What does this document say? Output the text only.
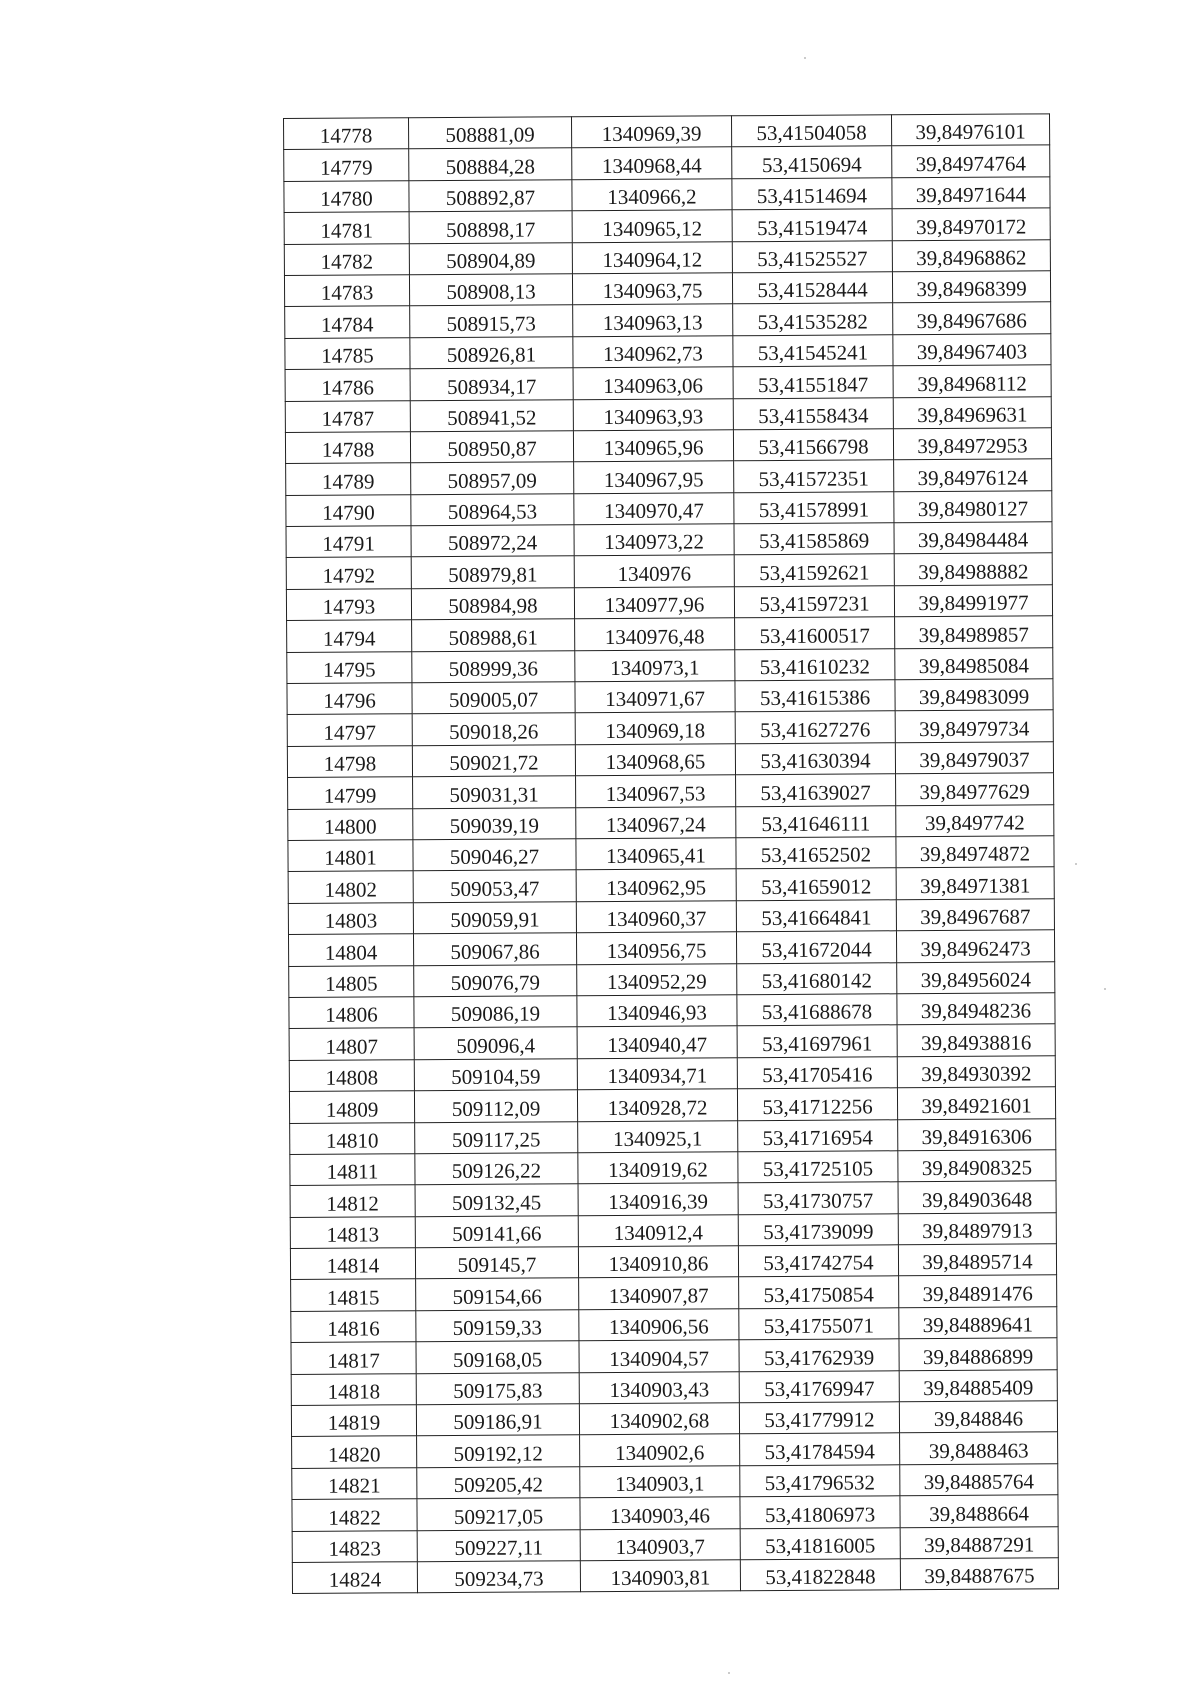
14778	508881,09	1340969,39	53,41504058	39,84976101
14779	508884,28	1340968,44	53,4150694	39,84974764
14780	508892,87	1340966,2	53,41514694	39,84971644
14781	508898,17	1340965,12	53,41519474	39,84970172
14782	508904,89	1340964,12	53,41525527	39,84968862
14783	508908,13	1340963,75	53,41528444	39,84968399
14784	508915,73	1340963,13	53,41535282	39,84967686
14785	508926,81	1340962,73	53,41545241	39,84967403
14786	508934,17	1340963,06	53,41551847	39,84968112
14787	508941,52	1340963,93	53,41558434	39,84969631
14788	508950,87	1340965,96	53,41566798	39,84972953
14789	508957,09	1340967,95	53,41572351	39,84976124
14790	508964,53	1340970,47	53,41578991	39,84980127
14791	508972,24	1340973,22	53,41585869	39,84984484
14792	508979,81	1340976	53,41592621	39,84988882
14793	508984,98	1340977,96	53,41597231	39,84991977
14794	508988,61	1340976,48	53,41600517	39,84989857
14795	508999,36	1340973,1	53,41610232	39,84985084
14796	509005,07	1340971,67	53,41615386	39,84983099
14797	509018,26	1340969,18	53,41627276	39,84979734
14798	509021,72	1340968,65	53,41630394	39,84979037
14799	509031,31	1340967,53	53,41639027	39,84977629
14800	509039,19	1340967,24	53,41646111	39,8497742
14801	509046,27	1340965,41	53,41652502	39,84974872
14802	509053,47	1340962,95	53,41659012	39,84971381
14803	509059,91	1340960,37	53,41664841	39,84967687
14804	509067,86	1340956,75	53,41672044	39,84962473
14805	509076,79	1340952,29	53,41680142	39,84956024
14806	509086,19	1340946,93	53,41688678	39,84948236
14807	509096,4	1340940,47	53,41697961	39,84938816
14808	509104,59	1340934,71	53,41705416	39,84930392
14809	509112,09	1340928,72	53,41712256	39,84921601
14810	509117,25	1340925,1	53,41716954	39,84916306
14811	509126,22	1340919,62	53,41725105	39,84908325
14812	509132,45	1340916,39	53,41730757	39,84903648
14813	509141,66	1340912,4	53,41739099	39,84897913
14814	509145,7	1340910,86	53,41742754	39,84895714
14815	509154,66	1340907,87	53,41750854	39,84891476
14816	509159,33	1340906,56	53,41755071	39,84889641
14817	509168,05	1340904,57	53,41762939	39,84886899
14818	509175,83	1340903,43	53,41769947	39,84885409
14819	509186,91	1340902,68	53,41779912	39,848846
14820	509192,12	1340902,6	53,41784594	39,8488463
14821	509205,42	1340903,1	53,41796532	39,84885764
14822	509217,05	1340903,46	53,41806973	39,8488664
14823	509227,11	1340903,7	53,41816005	39,84887291
14824	509234,73	1340903,81	53,41822848	39,84887675
